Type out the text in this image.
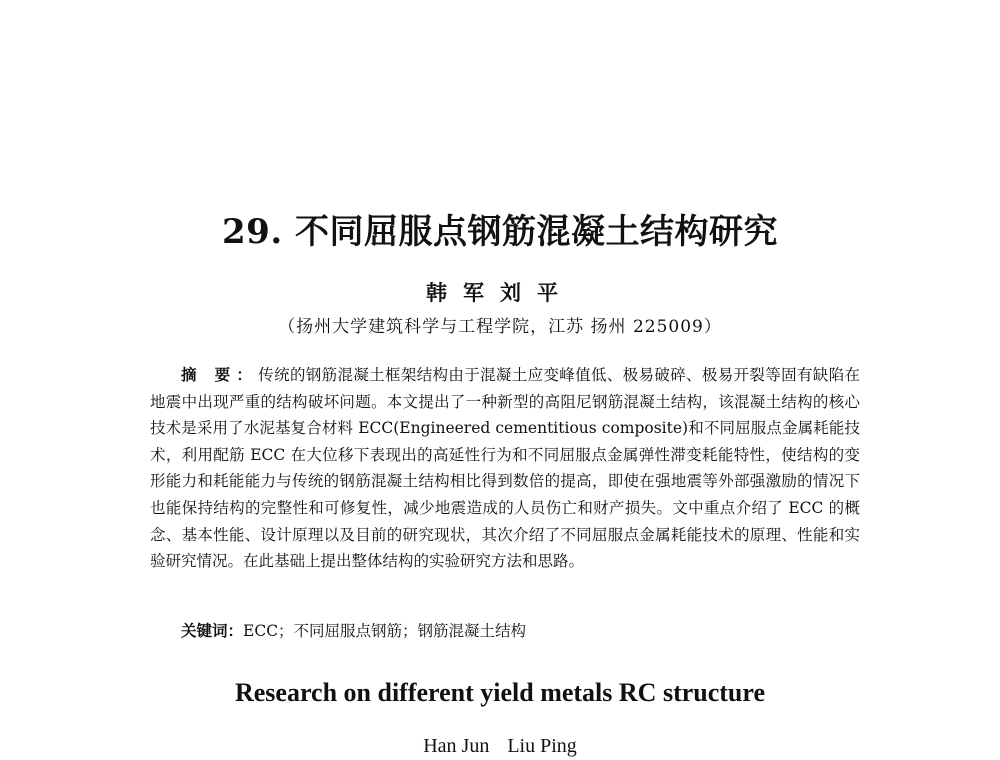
29. 不同屈服点钢筋混凝土结构研究
韩军刘平
（扬州大学建筑科学与工程学院，江苏 扬州 225009）

摘 要：传统的钢筋混凝土框架结构由于混凝土应变峰值低、极易破碎、极易开裂等固有缺陷在地震中出现严重的结构破坏问题。本文提出了一种新型的高阻尼钢筋混凝土结构，该混凝土结构的核心技术是采用了水泥基复合材料 ECC(Engineered cementitious composite)和不同屈服点金属耗能技术，利用配筋 ECC 在大位移下表现出的高延性行为和不同屈服点金属弹性滞变耗能特性，使结构的变形能力和耗能能力与传统的钢筋混凝土结构相比得到数倍的提高，即使在强地震等外部强激励的情况下也能保持结构的完整性和可修复性，减少地震造成的人员伤亡和财产损失。文中重点介绍了 ECC 的概念、基本性能、设计原理以及目前的研究现状，其次介绍了不同屈服点金属耗能技术的原理、性能和实验研究情况。在此基础上提出整体结构的实验研究方法和思路。

关键词：ECC；不同屈服点钢筋；钢筋混凝土结构
Research on different yield metals RC structure
Han Jun Liu Ping
